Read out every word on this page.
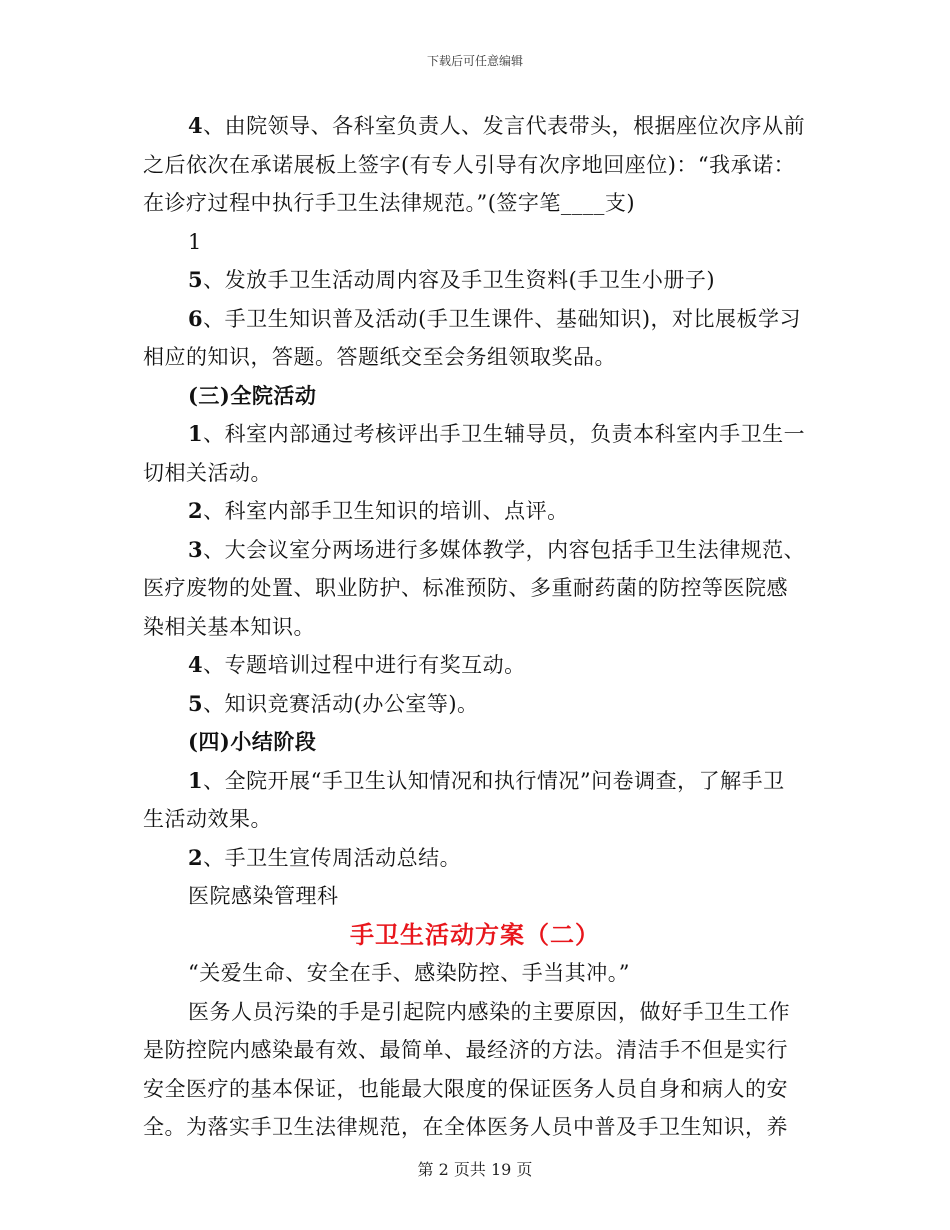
下载后可任意编辑
4、由院领导、各科室负责人、发言代表带头，根据座位次序从前
之后依次在承诺展板上签字(有专人引导有次序地回座位)：“我承诺：
在诊疗过程中执行手卫生法律规范。”(签字笔____支)
1
5、发放手卫生活动周内容及手卫生资料(手卫生小册子)
6、手卫生知识普及活动(手卫生课件、基础知识)，对比展板学习
相应的知识，答题。答题纸交至会务组领取奖品。
(三)全院活动
1、科室内部通过考核评出手卫生辅导员，负责本科室内手卫生一
切相关活动。
2、科室内部手卫生知识的培训、点评。
3、大会议室分两场进行多媒体教学，内容包括手卫生法律规范、
医疗废物的处置、职业防护、标准预防、多重耐药菌的防控等医院感
染相关基本知识。
4、专题培训过程中进行有奖互动。
5、知识竞赛活动(办公室等)。
(四)小结阶段
1、全院开展“手卫生认知情况和执行情况”问卷调查，了解手卫
生活动效果。
2、手卫生宣传周活动总结。
医院感染管理科
手卫生活动方案（二）
“关爱生命、安全在手、感染防控、手当其冲。”
医务人员污染的手是引起院内感染的主要原因，做好手卫生工作
是防控院内感染最有效、最简单、最经济的方法。清洁手不但是实行
安全医疗的基本保证，也能最大限度的保证医务人员自身和病人的安
全。为落实手卫生法律规范，在全体医务人员中普及手卫生知识，养
第 2 页共 19 页
